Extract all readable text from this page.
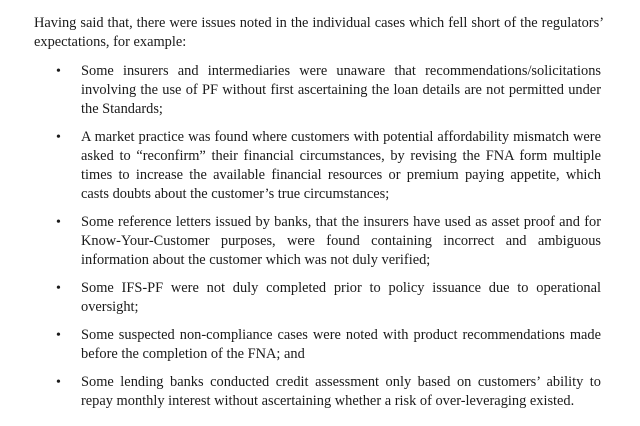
Having said that, there were issues noted in the individual cases which fell short of the regulators’ expectations, for example:

• Some insurers and intermediaries were unaware that recommendations/solicitations involving the use of PF without first ascertaining the loan details are not permitted under the Standards;
• A market practice was found where customers with potential affordability mismatch were asked to “reconfirm” their financial circumstances, by revising the FNA form multiple times to increase the available financial resources or premium paying appetite, which casts doubts about the customer’s true circumstances;
• Some reference letters issued by banks, that the insurers have used as asset proof and for Know-Your-Customer purposes, were found containing incorrect and ambiguous information about the customer which was not duly verified;
• Some IFS-PF were not duly completed prior to policy issuance due to operational oversight;
• Some suspected non-compliance cases were noted with product recommendations made before the completion of the FNA; and
• Some lending banks conducted credit assessment only based on customers’ ability to repay monthly interest without ascertaining whether a risk of over-leveraging existed.
